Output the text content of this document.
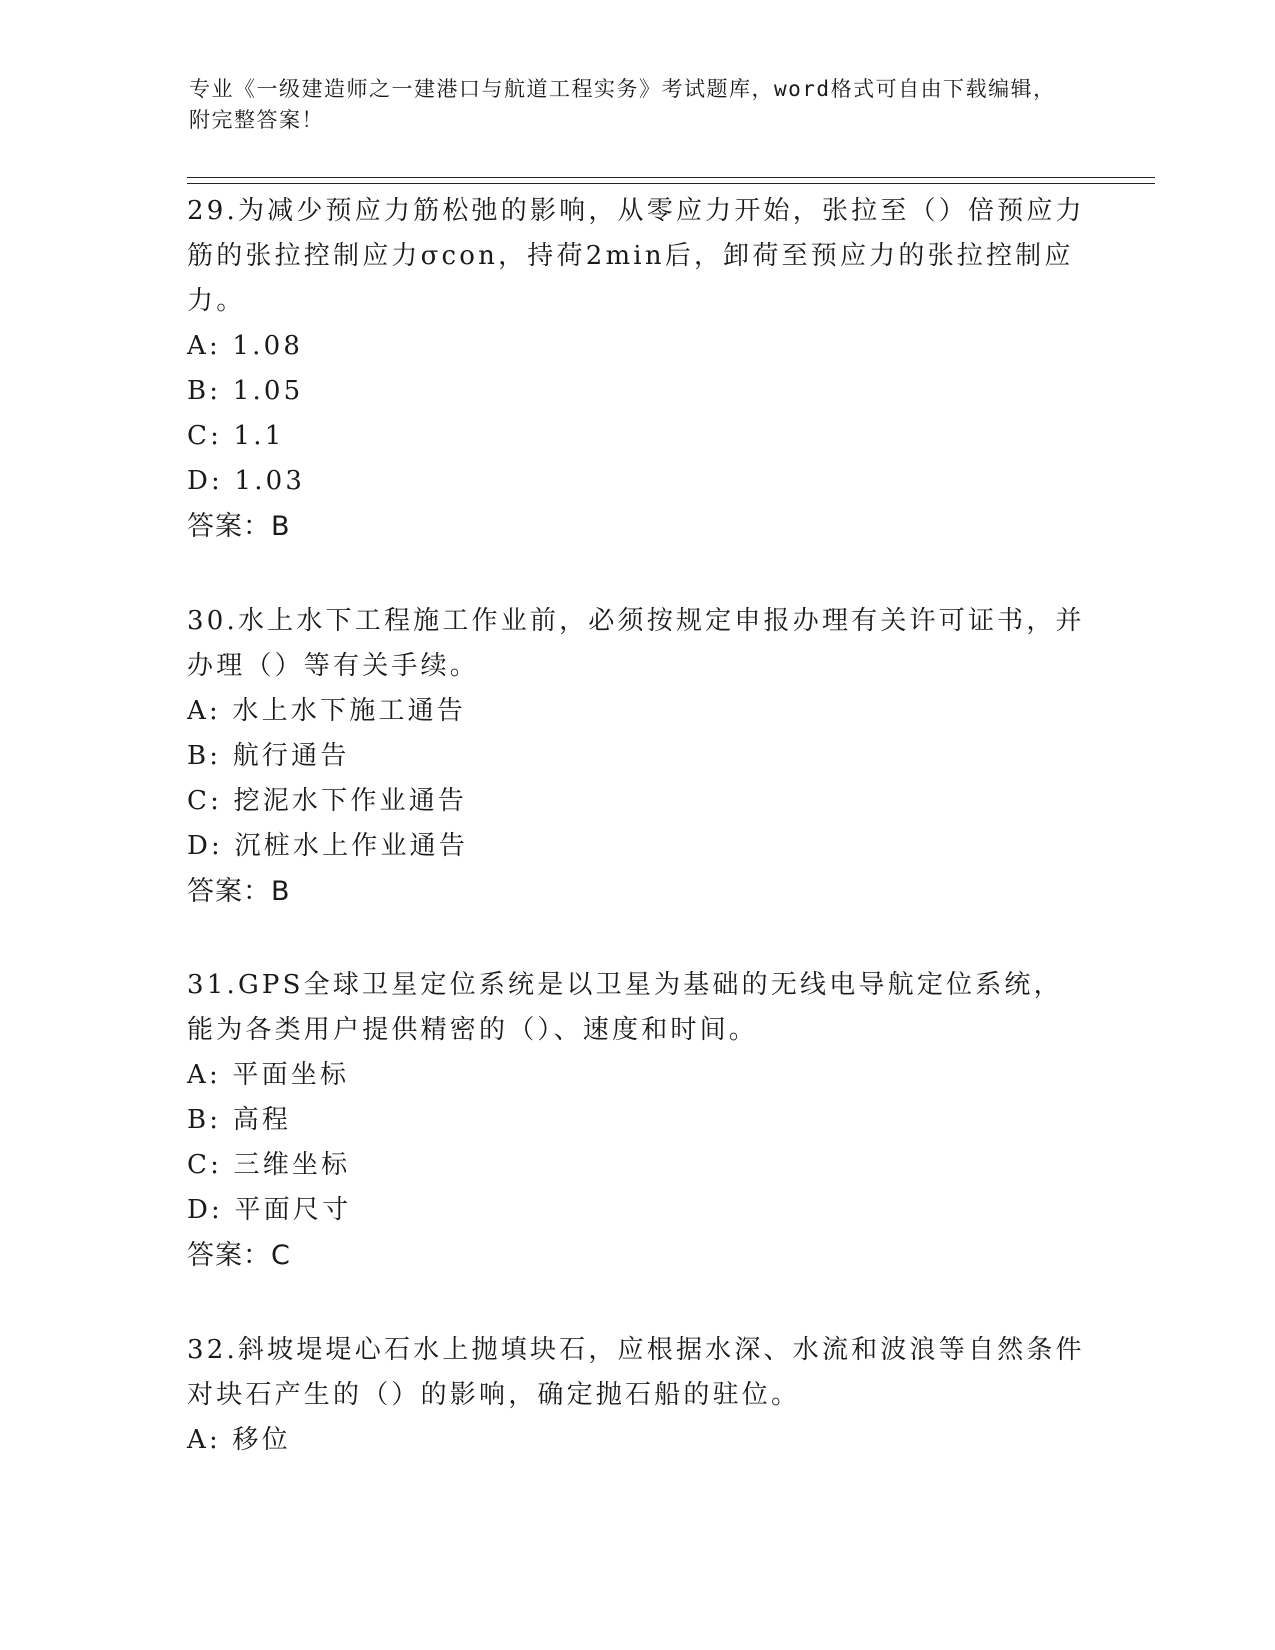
专业《一级建造师之一建港口与航道工程实务》考试题库，word格式可自由下载编辑，附完整答案！

29.为减少预应力筋松弛的影响，从零应力开始，张拉至（）倍预应力筋的张拉控制应力σcon，持荷2min后，卸荷至预应力的张拉控制应力。

A: 1.08

B: 1.05

C: 1.1

D: 1.03

答案：B

30.水上水下工程施工作业前，必须按规定申报办理有关许可证书，并办理（）等有关手续。

A: 水上水下施工通告

B: 航行通告

C: 挖泥水下作业通告

D: 沉桩水上作业通告

答案：B

31.GPS全球卫星定位系统是以卫星为基础的无线电导航定位系统，能为各类用户提供精密的（）、速度和时间。

A: 平面坐标

B: 高程

C: 三维坐标

D: 平面尺寸

答案：C

32.斜坡堤堤心石水上抛填块石，应根据水深、水流和波浪等自然条件对块石产生的（）的影响，确定抛石船的驻位。

A: 移位
